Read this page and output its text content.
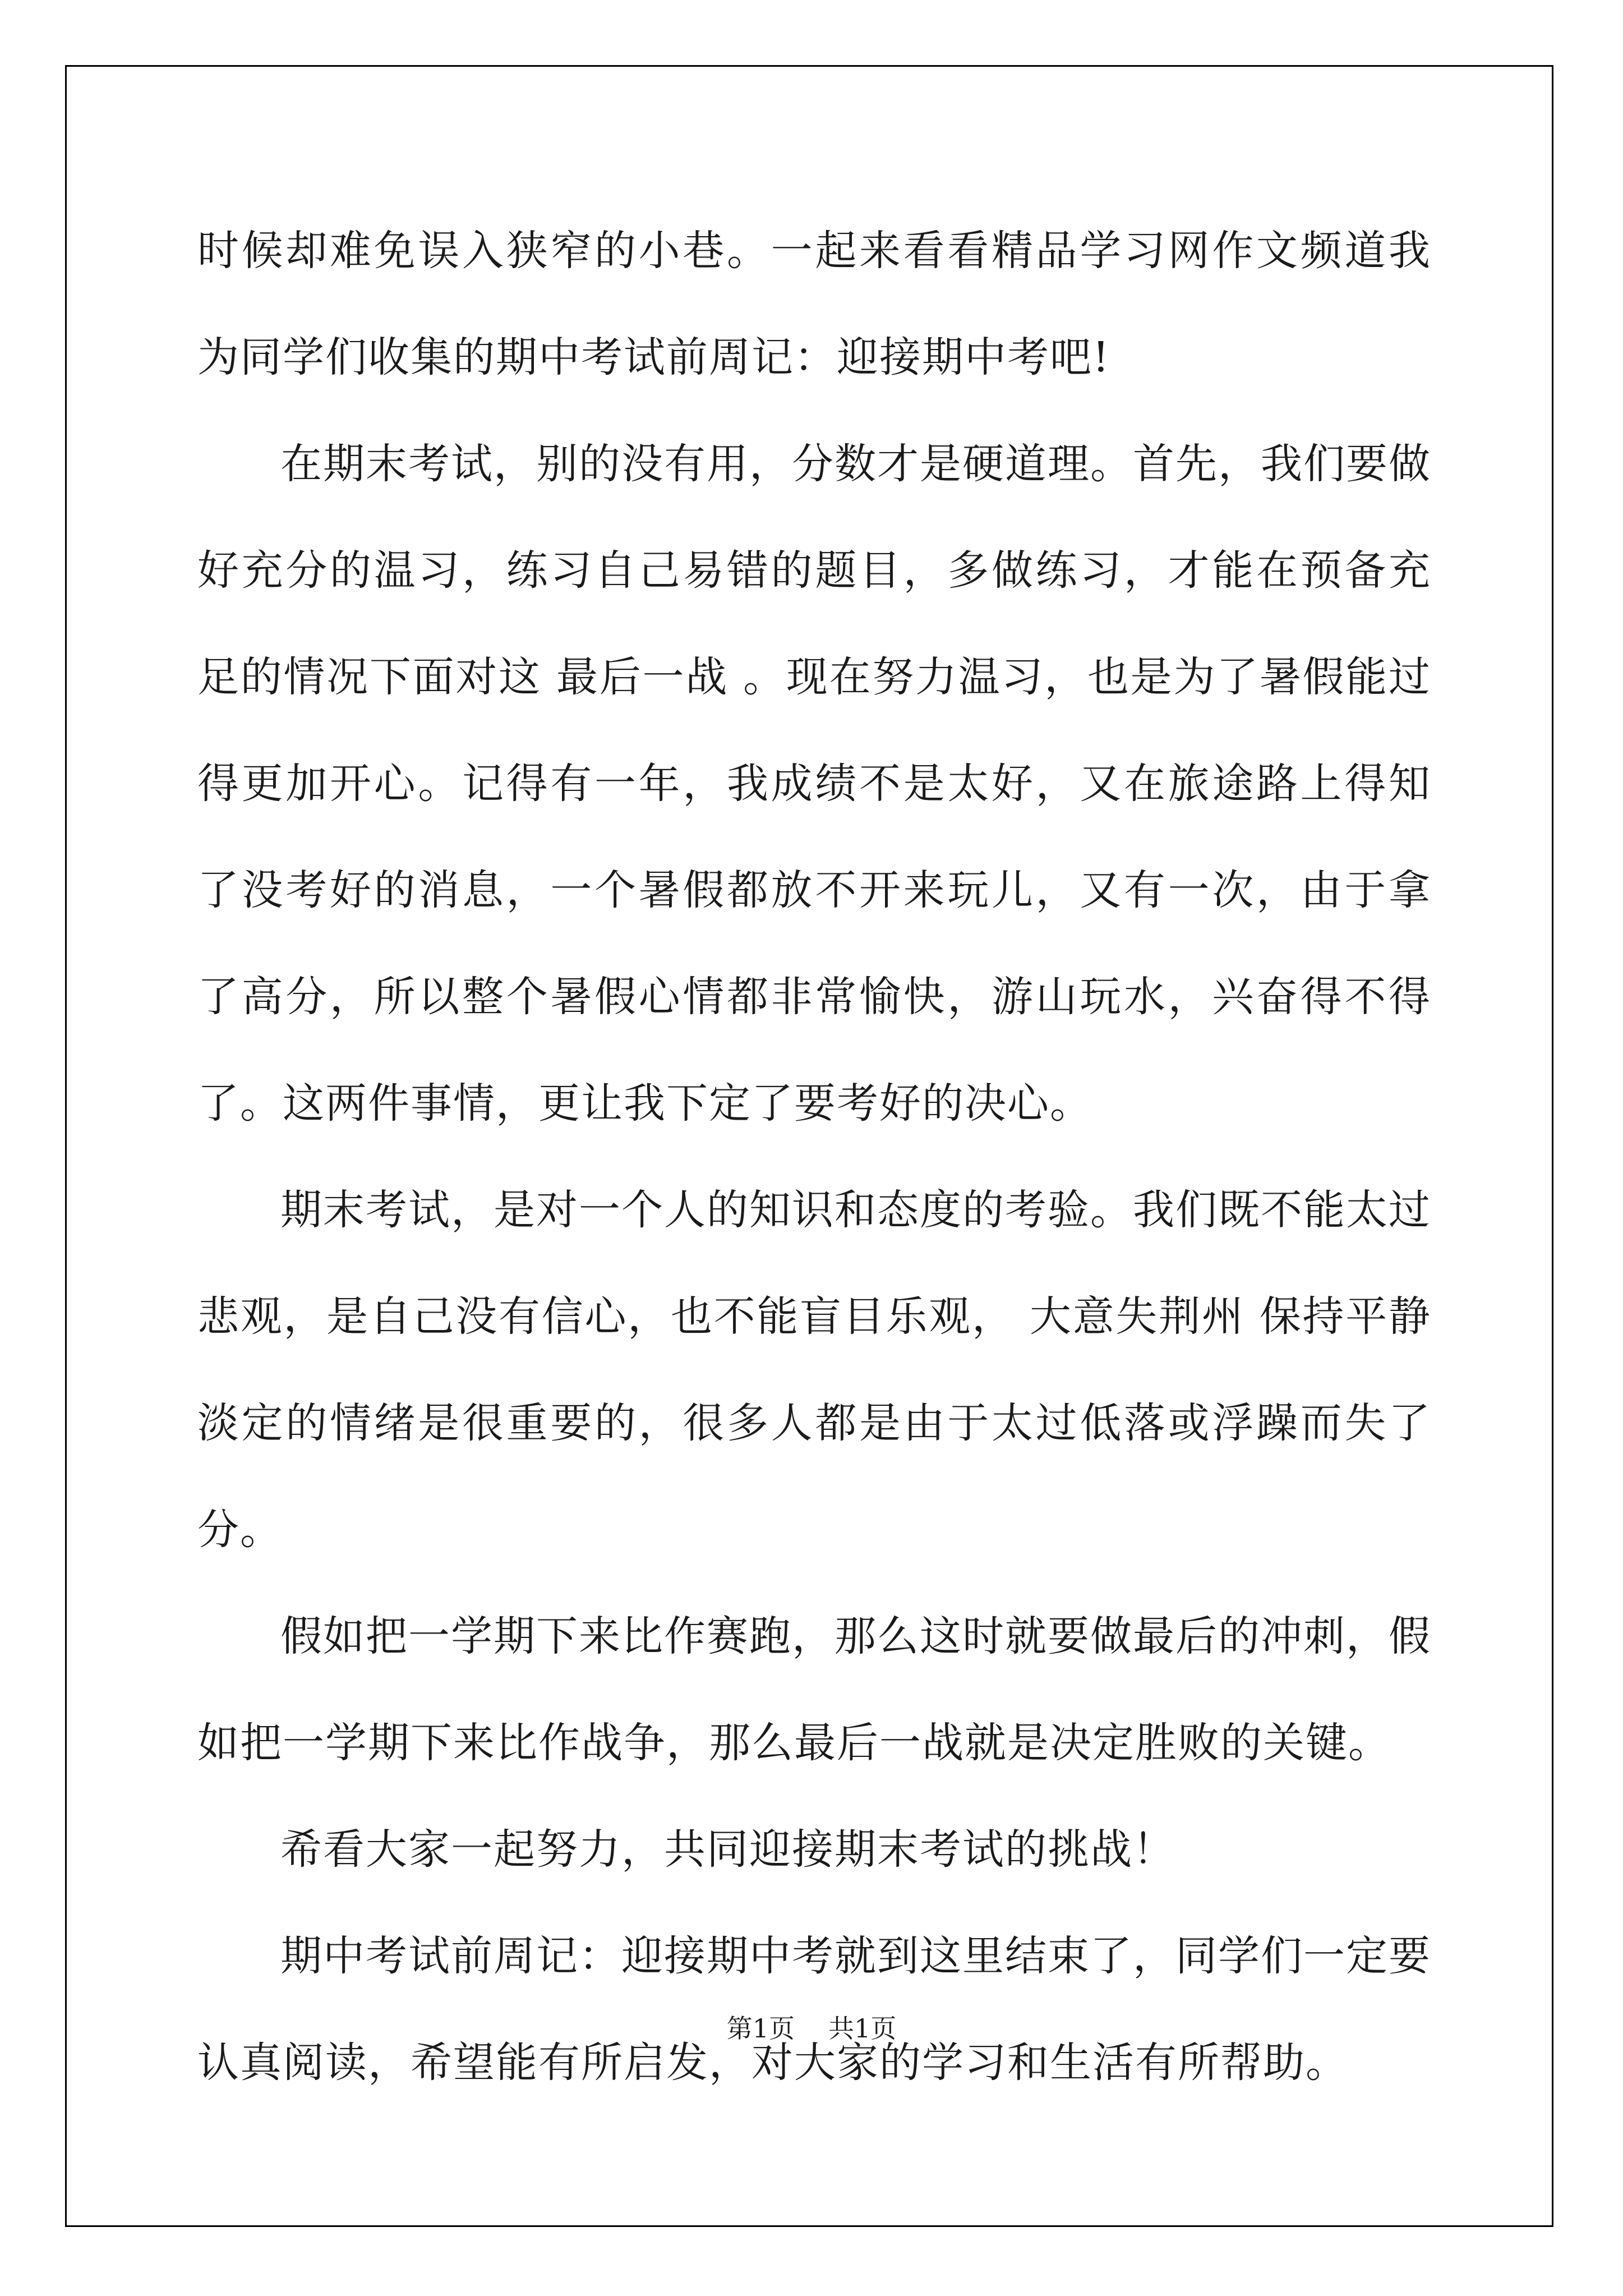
时候却难免误入狭窄的小巷。一起来看看精品学习网作文频道我为同学们收集的期中考试前周记：迎接期中考吧!

在期末考试，别的没有用，分数才是硬道理。首先，我们要做好充分的温习，练习自己易错的题目，多做练习，才能在预备充足的情况下面对这 最后一战 。现在努力温习，也是为了暑假能过得更加开心。记得有一年，我成绩不是太好，又在旅途路上得知了没考好的消息，一个暑假都放不开来玩儿，又有一次，由于拿了高分，所以整个暑假心情都非常愉快，游山玩水，兴奋得不得了。这两件事情，更让我下定了要考好的决心。

期末考试，是对一个人的知识和态度的考验。我们既不能太过悲观，是自己没有信心，也不能盲目乐观， 大意失荆州 保持平静淡定的情绪是很重要的，很多人都是由于太过低落或浮躁而失了分。

假如把一学期下来比作赛跑，那么这时就要做最后的冲刺，假如把一学期下来比作战争，那么最后一战就是决定胜败的关键。

希看大家一起努力，共同迎接期末考试的挑战！

期中考试前周记：迎接期中考就到这里结束了，同学们一定要认真阅读，希望能有所启发，对大家的学习和生活有所帮助。

第1页 共1页
